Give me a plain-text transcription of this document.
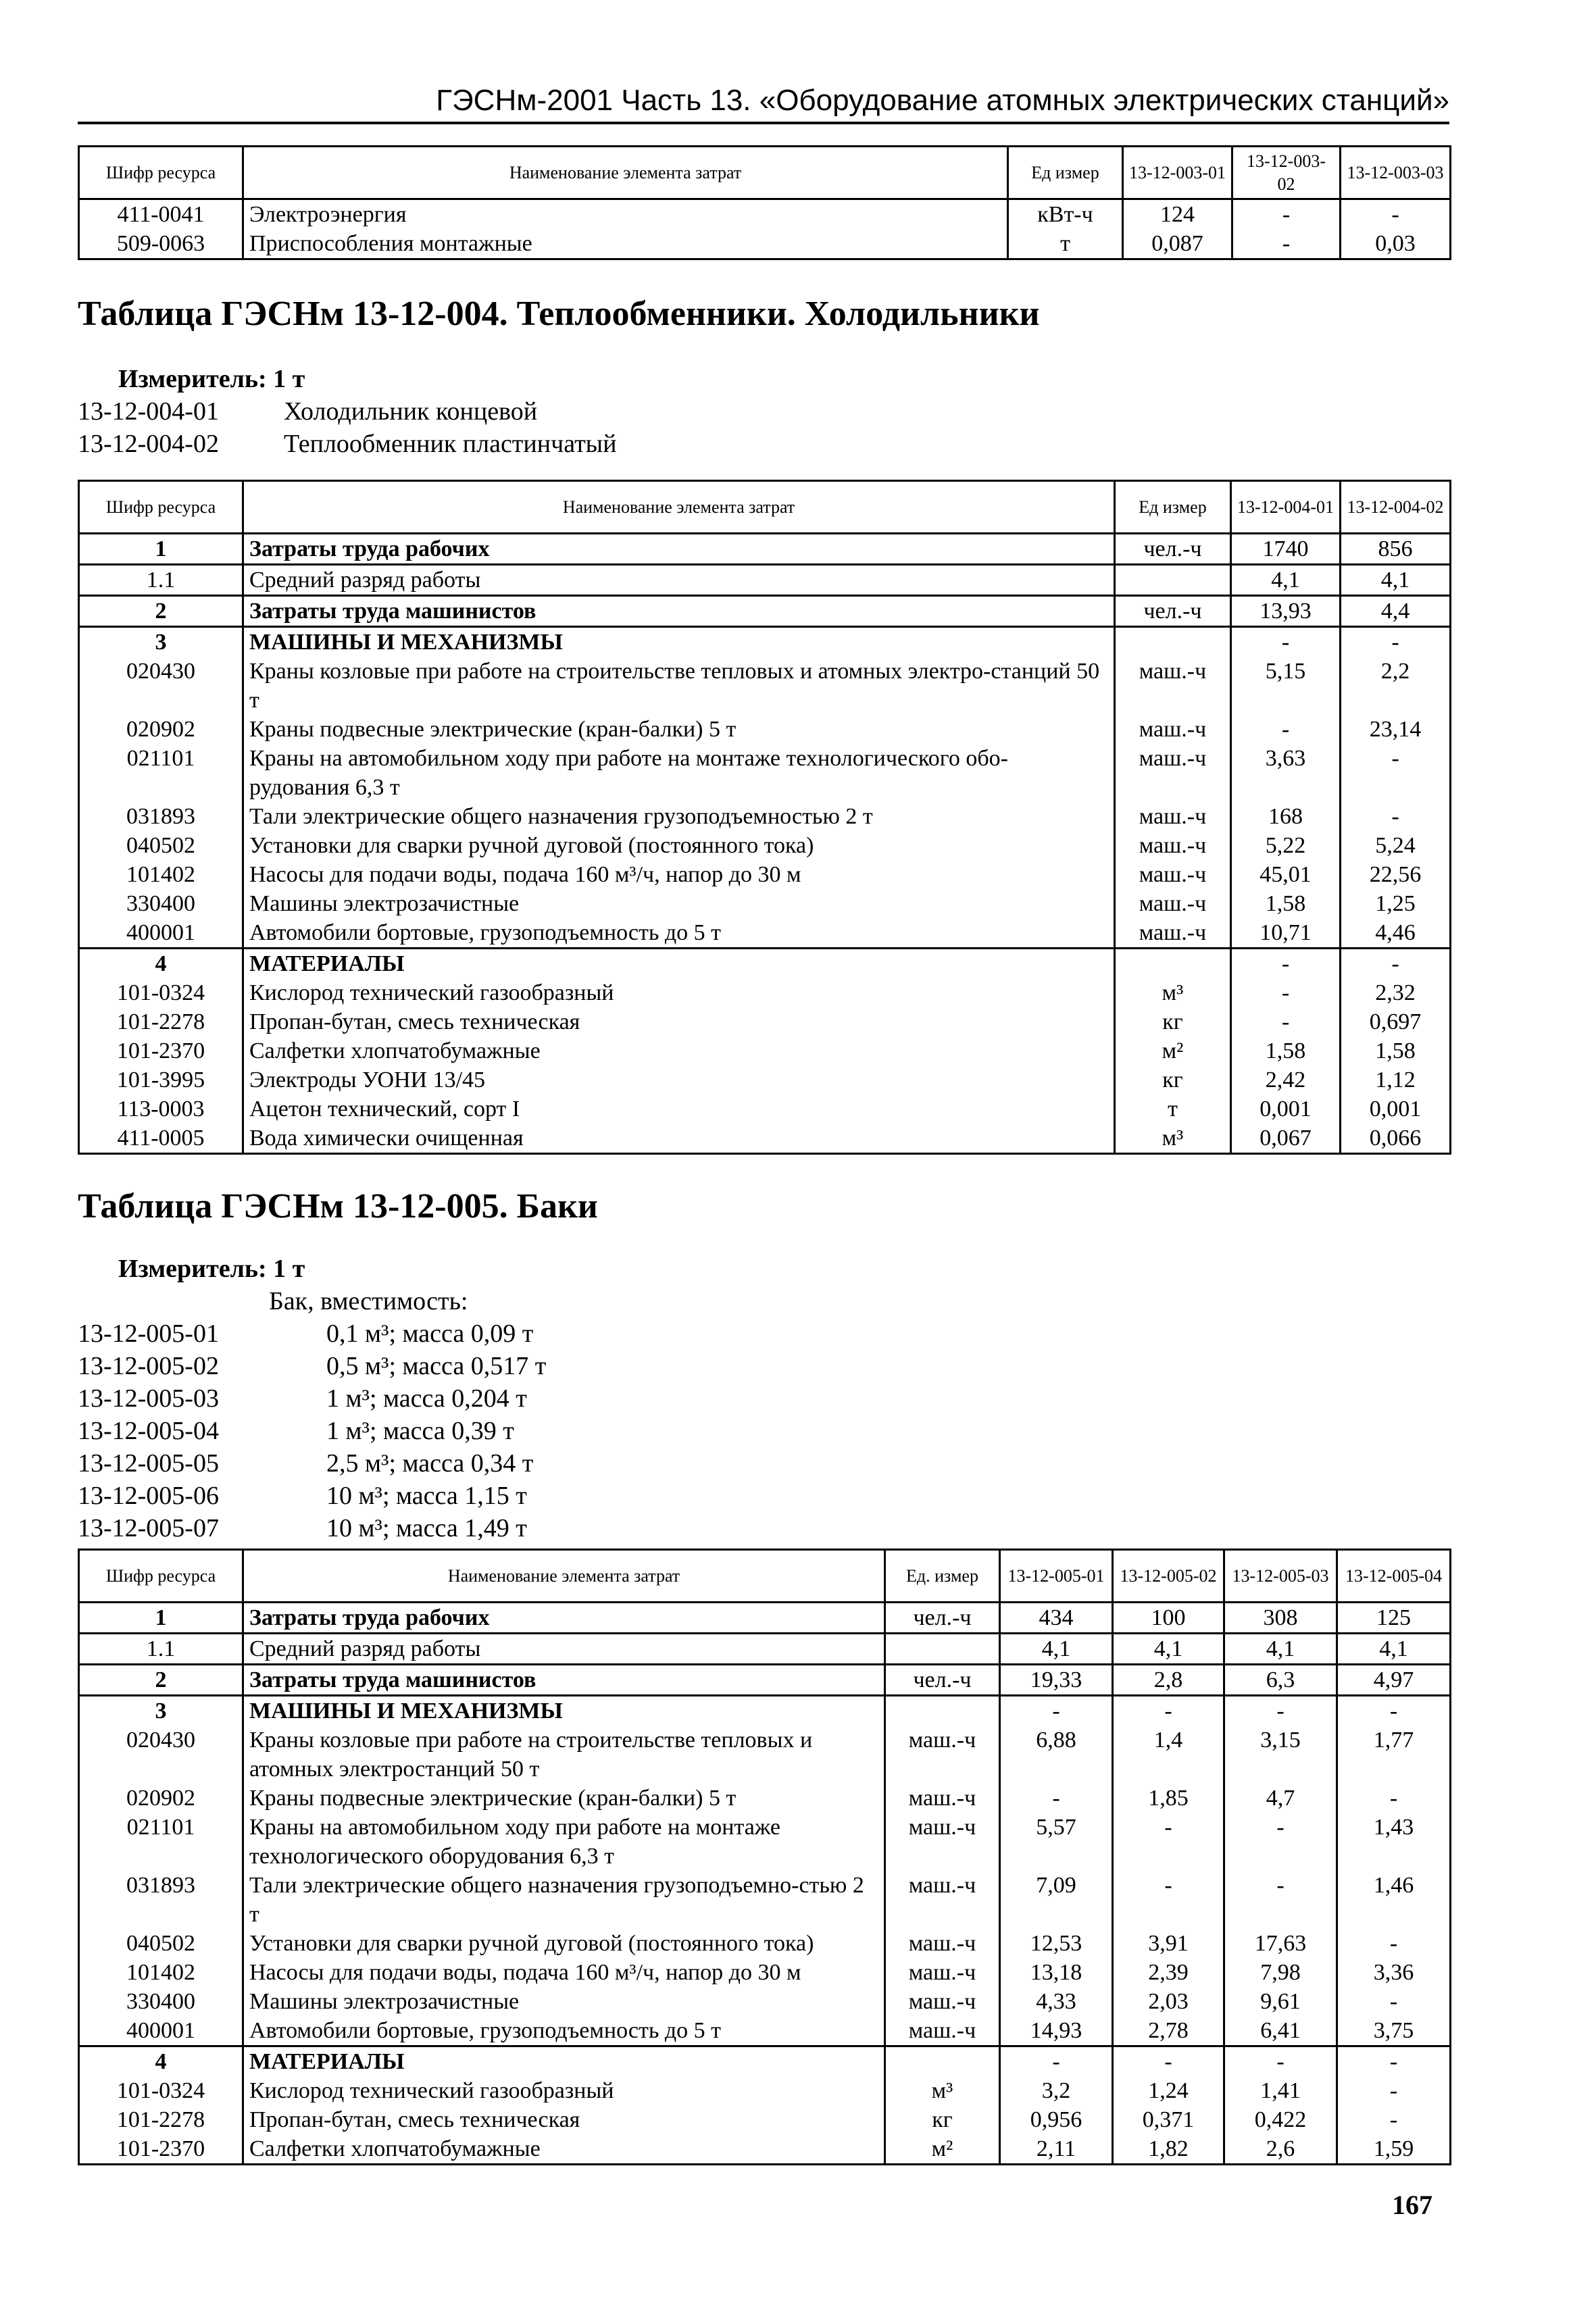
ГЭСНм-2001 Часть 13. «Оборудование атомных электрических станций»
Шифр ресурса	Наименование элемента затрат	Ед измер	13-12-003-01	13-12-003-02	13-12-003-03
411-0041	Электроэнергия	кВт-ч	124	-	-
509-0063	Приспособления монтажные	т	0,087	-	0,03
Таблица ГЭСНм 13-12-004. Теплообменники. Холодильники
Измеритель: 1 т
13-12-004-01	Холодильник концевой
13-12-004-02	Теплообменник пластинчатый
Шифр ресурса	Наименование элемента затрат	Ед измер	13-12-004-01	13-12-004-02
1	Затраты труда рабочих	чел.-ч	1740	856
1.1	Средний разряд работы		4,1	4,1
2	Затраты труда машинистов	чел.-ч	13,93	4,4
3	МАШИНЫ И МЕХАНИЗМЫ		-	-
020430	Краны козловые при работе на строительстве тепловых и атомных электро-станций 50 т	маш.-ч	5,15	2,2
020902	Краны подвесные электрические (кран-балки) 5 т	маш.-ч	-	23,14
021101	Краны на автомобильном ходу при работе на монтаже технологического обо-рудования 6,3 т	маш.-ч	3,63	-
031893	Тали электрические общего назначения грузоподъемностью 2 т	маш.-ч	168	-
040502	Установки для сварки ручной дуговой (постоянного тока)	маш.-ч	5,22	5,24
101402	Насосы для подачи воды, подача 160 м³/ч, напор до 30 м	маш.-ч	45,01	22,56
330400	Машины электрозачистные	маш.-ч	1,58	1,25
400001	Автомобили бортовые, грузоподъемность до 5 т	маш.-ч	10,71	4,46
4	МАТЕРИАЛЫ		-	-
101-0324	Кислород технический газообразный	м³	-	2,32
101-2278	Пропан-бутан, смесь техническая	кг	-	0,697
101-2370	Салфетки хлопчатобумажные	м²	1,58	1,58
101-3995	Электроды УОНИ 13/45	кг	2,42	1,12
113-0003	Ацетон технический, сорт I	т	0,001	0,001
411-0005	Вода химически очищенная	м³	0,067	0,066
Таблица ГЭСНм 13-12-005. Баки
Измеритель: 1 т
Бак, вместимость:
13-12-005-01	0,1 м³; масса 0,09 т
13-12-005-02	0,5 м³; масса 0,517 т
13-12-005-03	1 м³; масса 0,204 т
13-12-005-04	1 м³; масса 0,39 т
13-12-005-05	2,5 м³; масса 0,34 т
13-12-005-06	10 м³; масса 1,15 т
13-12-005-07	10 м³; масса 1,49 т
Шифр ресурса	Наименование элемента затрат	Ед. измер	13-12-005-01	13-12-005-02	13-12-005-03	13-12-005-04
1	Затраты труда рабочих	чел.-ч	434	100	308	125
1.1	Средний разряд работы		4,1	4,1	4,1	4,1
2	Затраты труда машинистов	чел.-ч	19,33	2,8	6,3	4,97
3	МАШИНЫ И МЕХАНИЗМЫ		-	-	-	-
020430	Краны козловые при работе на строительстве тепловых и атомных электростанций 50 т	маш.-ч	6,88	1,4	3,15	1,77
020902	Краны подвесные электрические (кран-балки) 5 т	маш.-ч	-	1,85	4,7	-
021101	Краны на автомобильном ходу при работе на монтаже технологического оборудования 6,3 т	маш.-ч	5,57	-	-	1,43
031893	Тали электрические общего назначения грузоподъемно-стью 2 т	маш.-ч	7,09	-	-	1,46
040502	Установки для сварки ручной дуговой (постоянного тока)	маш.-ч	12,53	3,91	17,63	-
101402	Насосы для подачи воды, подача 160 м³/ч, напор до 30 м	маш.-ч	13,18	2,39	7,98	3,36
330400	Машины электрозачистные	маш.-ч	4,33	2,03	9,61	-
400001	Автомобили бортовые, грузоподъемность до 5 т	маш.-ч	14,93	2,78	6,41	3,75
4	МАТЕРИАЛЫ		-	-	-	-
101-0324	Кислород технический газообразный	м³	3,2	1,24	1,41	-
101-2278	Пропан-бутан, смесь техническая	кг	0,956	0,371	0,422	-
101-2370	Салфетки хлопчатобумажные	м²	2,11	1,82	2,6	1,59
167
